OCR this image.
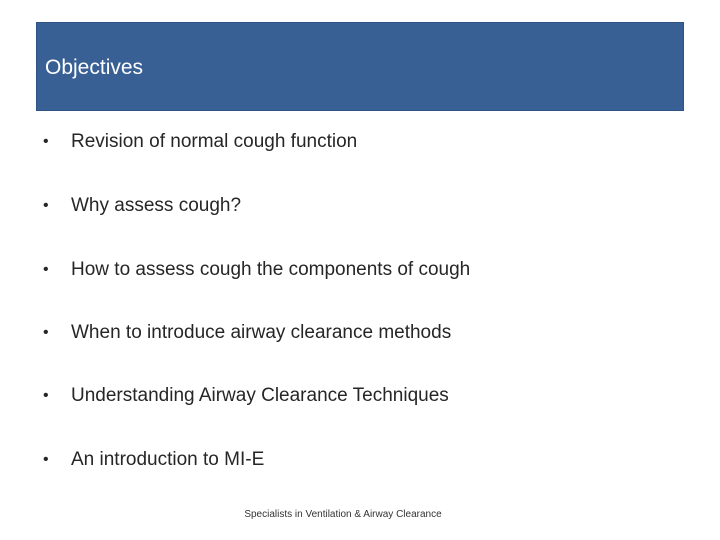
Objectives
•	Revision of normal cough function
•	Why assess cough?
•	How to assess cough the components of cough
•	When to introduce airway clearance methods
•	Understanding Airway Clearance Techniques
•	An introduction to MI-E
Specialists in Ventilation & Airway Clearance
